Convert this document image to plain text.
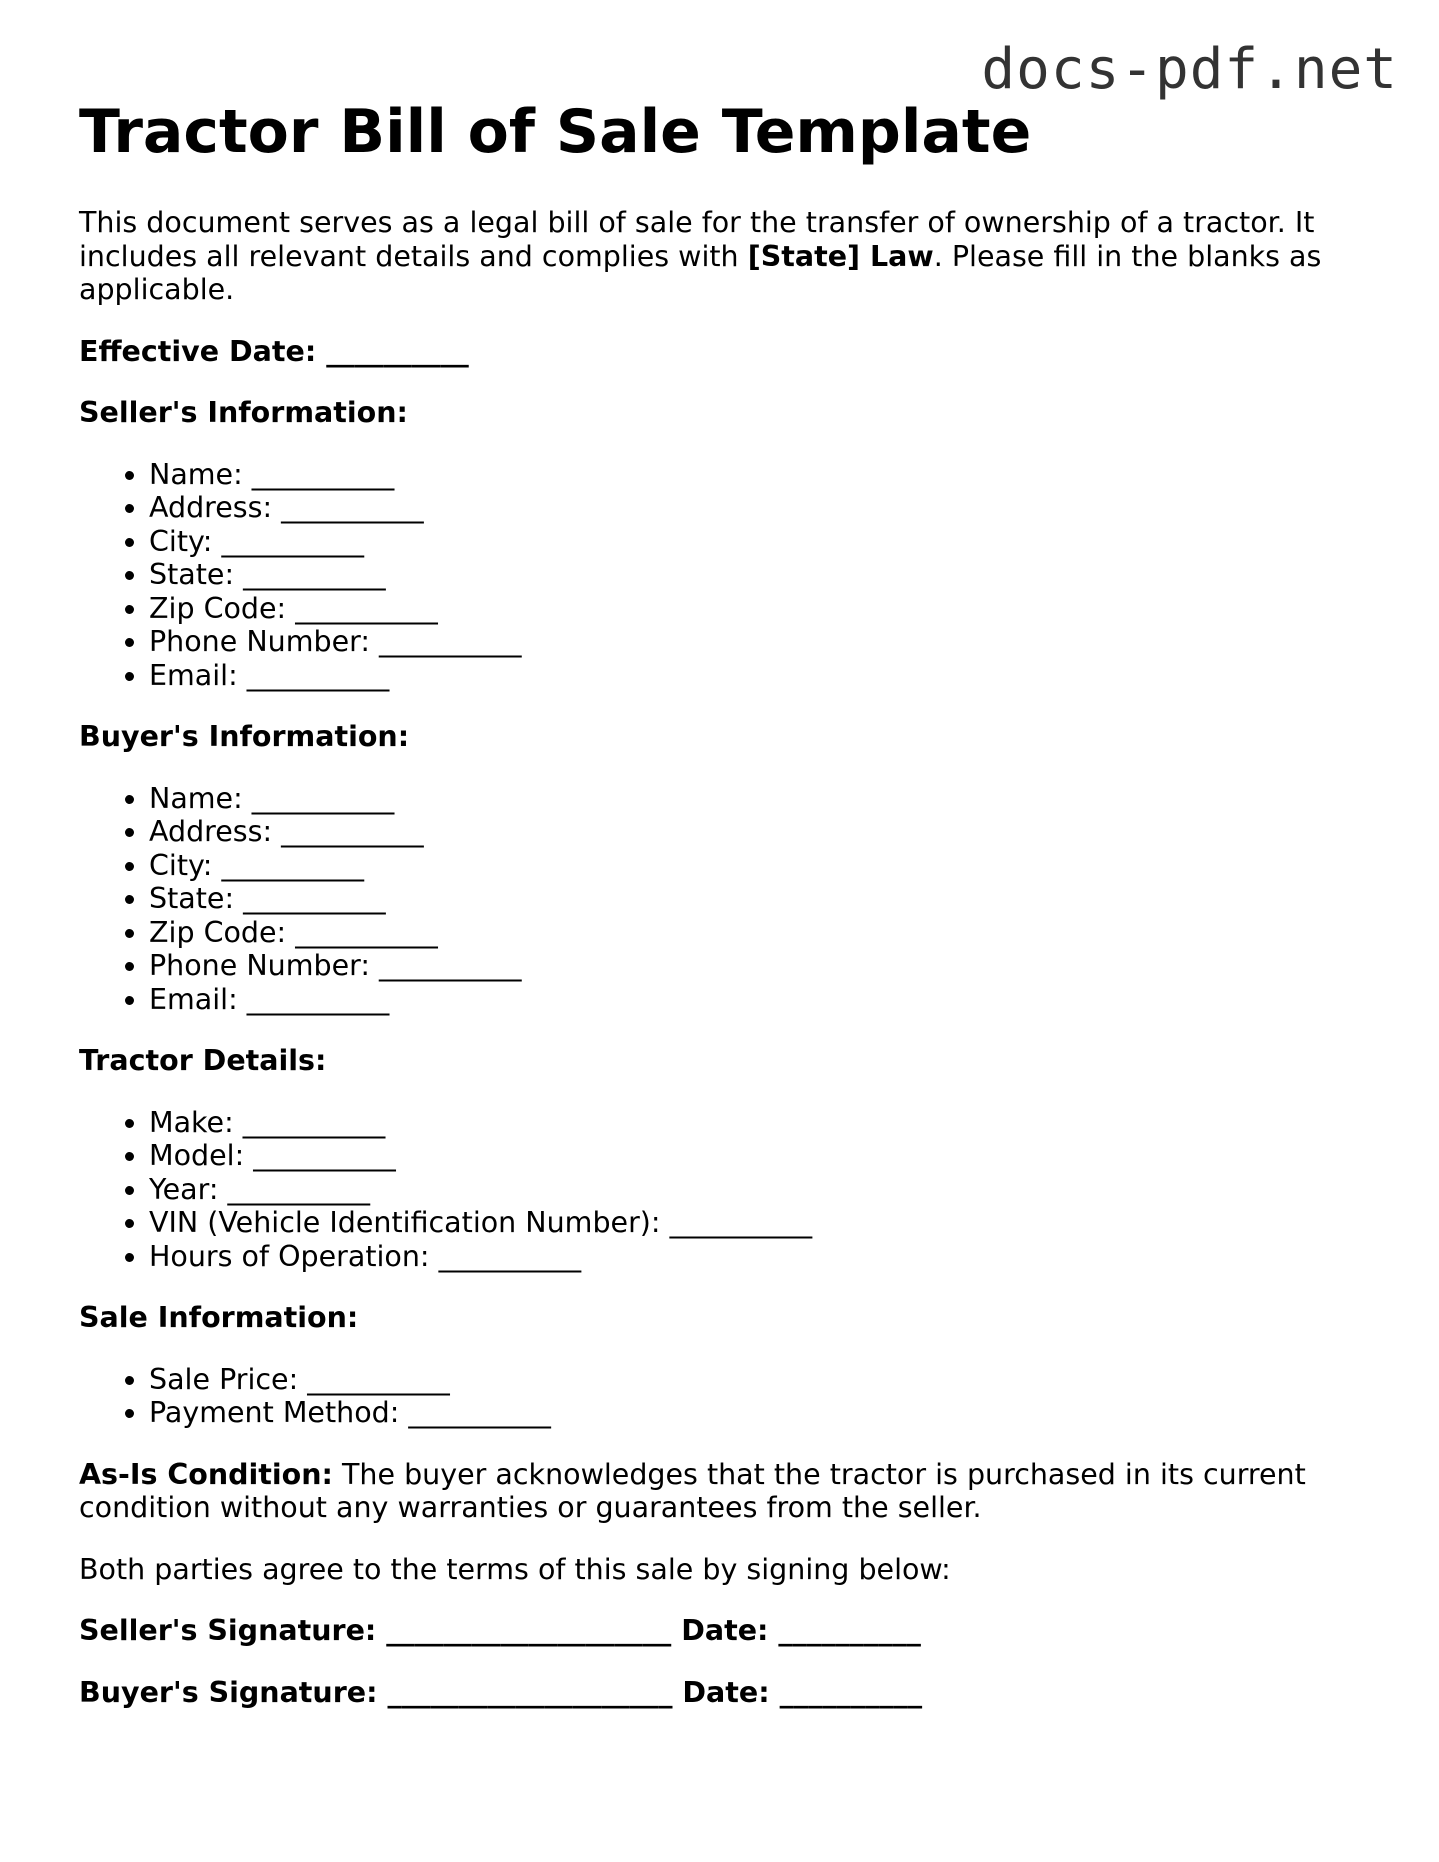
docs-pdf.net
Tractor Bill of Sale Template

This document serves as a legal bill of sale for the transfer of ownership of a tractor. It includes all relevant details and complies with [State] Law. Please fill in the blanks as applicable.

Effective Date: __________

Seller's Information:

• Name: __________
• Address: __________
• City: __________
• State: __________
• Zip Code: __________
• Phone Number: __________
• Email: __________

Buyer's Information:

• Name: __________
• Address: __________
• City: __________
• State: __________
• Zip Code: __________
• Phone Number: __________
• Email: __________

Tractor Details:

• Make: __________
• Model: __________
• Year: __________
• VIN (Vehicle Identification Number): __________
• Hours of Operation: __________

Sale Information:

• Sale Price: __________
• Payment Method: __________

As-Is Condition: The buyer acknowledges that the tractor is purchased in its current condition without any warranties or guarantees from the seller.

Both parties agree to the terms of this sale by signing below:

Seller's Signature: ____________________ Date: __________

Buyer's Signature: ____________________ Date: __________
